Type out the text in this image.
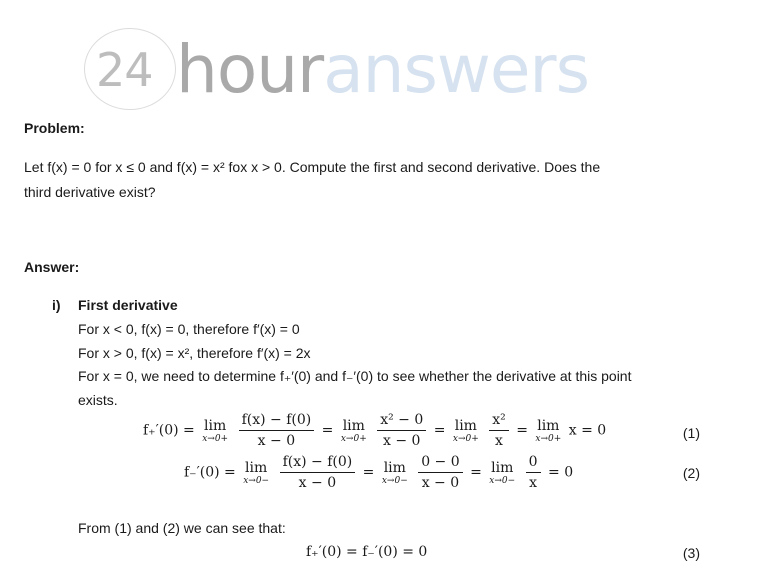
24 houranswers
Problem:
Let f(x) = 0 for x ≤ 0 and f(x) = x² fox x > 0. Compute the first and second derivative. Does the
third derivative exist?
Answer:
i) First derivative
For x < 0, f(x) = 0, therefore f′(x) = 0
For x > 0, f(x) = x², therefore f′(x) = 2x
For x = 0, we need to determine f₊′(0) and f₋′(0) to see whether the derivative at this point
exists.
f₊′(0) = lim
x→0+
$\frac{f(x) - f(0)}{x - 0} = \lim$
x→0+
$\frac{\text{x² − 0}}{x - 0} = \lim$
x→0+
$\frac{\text{x²}}{x} = \lim$
x→0+ x = 0	(1)
f₋′(0) = lim
x→0−
$\frac{f(x) - f(0)}{x - 0} = \lim$
x→0−
$\frac{0 - 0}{x - 0} = \lim$
x→0−
$\frac{0}{x} = 0$	(2)
From (1) and (2) we can see that:
f₊′(0) = f₋′(0) = 0	(3)
